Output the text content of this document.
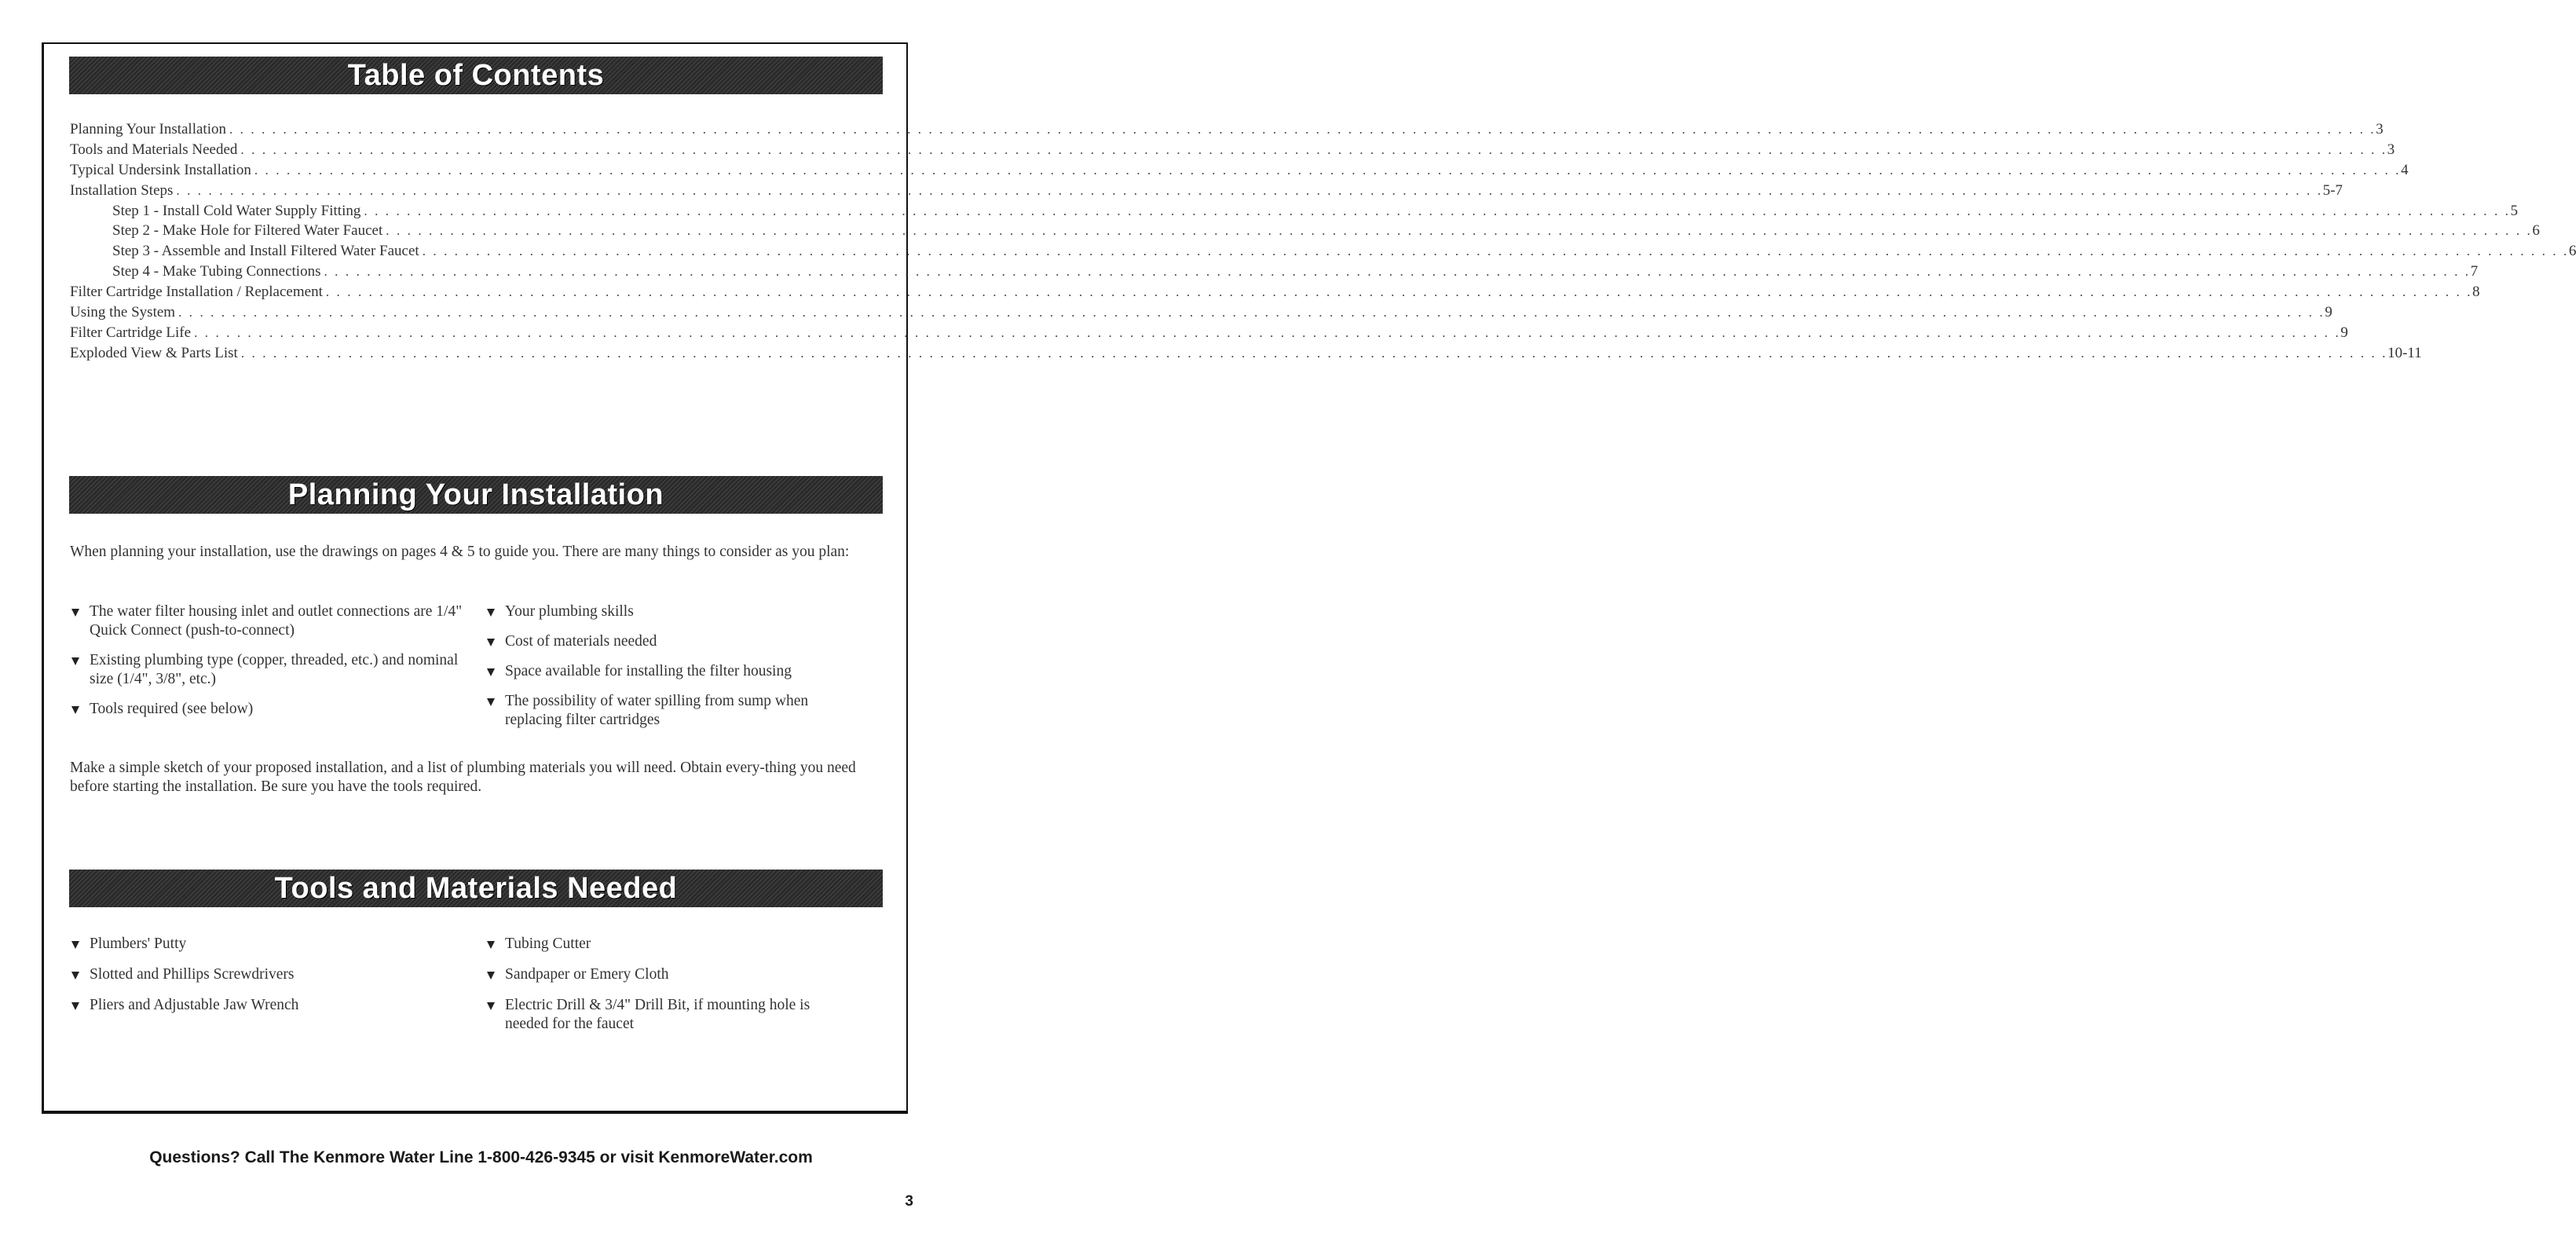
Table of Contents
Planning Your Installation . . . . . . . . . . . . . . . . . . . . . . . . . . . . . . . . . . . . . . . . . . . . . . . . . . . . . . . . . . . . . . . . . . . . . . . . . . . . . . . . . . . . . . . . . . . . . . . . . . . . . . . . . . . . . . . . . . . . . . . . . . . . . . . . . . . . . . . . . . . . . . . . . . . . . . . . . . . . . . . . . . . . . . . . . . . . . . . . . . . . . . . . . . . . . . . . . . . . . . . . 3
Tools and Materials Needed . . . . . . . . . . . . . . . . . . . . . . . . . . . . . . . . . . . . . . . . . . . . . . . . . . . . . . . . . . . . . . . . . . . . . . . . . . . . . . . . . . . . . . . . . . . . . . . . . . . . . . . . . . . . . . . . . . . . . . . . . . . . . . . . . . . . . . . . . . . . . . . . . . . . . . . . . . . . . . . . . . . . . . . . . . . . . . . . . . . . . . . . . . . . . . . . . . . . . . . . 3
Typical Undersink Installation . . . . . . . . . . . . . . . . . . . . . . . . . . . . . . . . . . . . . . . . . . . . . . . . . . . . . . . . . . . . . . . . . . . . . . . . . . . . . . . . . . . . . . . . . . . . . . . . . . . . . . . . . . . . . . . . . . . . . . . . . . . . . . . . . . . . . . . . . . . . . . . . . . . . . . . . . . . . . . . . . . . . . . . . . . . . . . . . . . . . . . . . . . . . . . . . . . . . . . . . 4
Installation Steps . . . . . . . . . . . . . . . . . . . . . . . . . . . . . . . . . . . . . . . . . . . . . . . . . . . . . . . . . . . . . . . . . . . . . . . . . . . . . . . . . . . . . . . . . . . . . . . . . . . . . . . . . . . . . . . . . . . . . . . . . . . . . . . . . . . . . . . . . . . . . . . . . . . . . . . . . . . . . . . . . . . . . . . . . . . . . . . . . . . . . . . . . . . . . . . . . . . . . . . . 5-7
Step 1 - Install Cold Water Supply Fitting . . . . . . . . . . . . . . . . . . . . . . . . . . . . . . . . . . . . . . . . . . . . . . . . . . . . . . . . . . . . . . . . . . . . . . . . . . . . . . . . . . . . . . . . . . . . . . . . . . . . . . . . . . . . . . . . . . . . . . . . . . . . . . . . . . . . . . . . . . . . . . . . . . . . . . . . . . . . . . . . . . . . . . . . . . . . . . . . . . . . . . . . . . . . . . . . . . . . . . . . 5
Step 2 - Make Hole for Filtered Water Faucet . . . . . . . . . . . . . . . . . . . . . . . . . . . . . . . . . . . . . . . . . . . . . . . . . . . . . . . . . . . . . . . . . . . . . . . . . . . . . . . . . . . . . . . . . . . . . . . . . . . . . . . . . . . . . . . . . . . . . . . . . . . . . . . . . . . . . . . . . . . . . . . . . . . . . . . . . . . . . . . . . . . . . . . . . . . . . . . . . . . . . . . . . . . . . . . . . . . . . . . . 6
Step 3 - Assemble and Install Filtered Water Faucet . . . . . . . . . . . . . . . . . . . . . . . . . . . . . . . . . . . . . . . . . . . . . . . . . . . . . . . . . . . . . . . . . . . . . . . . . . . . . . . . . . . . . . . . . . . . . . . . . . . . . . . . . . . . . . . . . . . . . . . . . . . . . . . . . . . . . . . . . . . . . . . . . . . . . . . . . . . . . . . . . . . . . . . . . . . . . . . . . . . . . . . . . . . . . . . . . . . . . . . . 6
Step 4 - Make Tubing Connections . . . . . . . . . . . . . . . . . . . . . . . . . . . . . . . . . . . . . . . . . . . . . . . . . . . . . . . . . . . . . . . . . . . . . . . . . . . . . . . . . . . . . . . . . . . . . . . . . . . . . . . . . . . . . . . . . . . . . . . . . . . . . . . . . . . . . . . . . . . . . . . . . . . . . . . . . . . . . . . . . . . . . . . . . . . . . . . . . . . . . . . . . . . . . . . . . . . . . . . . 7
Filter Cartridge Installation / Replacement . . . . . . . . . . . . . . . . . . . . . . . . . . . . . . . . . . . . . . . . . . . . . . . . . . . . . . . . . . . . . . . . . . . . . . . . . . . . . . . . . . . . . . . . . . . . . . . . . . . . . . . . . . . . . . . . . . . . . . . . . . . . . . . . . . . . . . . . . . . . . . . . . . . . . . . . . . . . . . . . . . . . . . . . . . . . . . . . . . . . . . . . . . . . . . . . . . . . . . . . 8
Using the System . . . . . . . . . . . . . . . . . . . . . . . . . . . . . . . . . . . . . . . . . . . . . . . . . . . . . . . . . . . . . . . . . . . . . . . . . . . . . . . . . . . . . . . . . . . . . . . . . . . . . . . . . . . . . . . . . . . . . . . . . . . . . . . . . . . . . . . . . . . . . . . . . . . . . . . . . . . . . . . . . . . . . . . . . . . . . . . . . . . . . . . . . . . . . . . . . . . . . . . . 9
Filter Cartridge Life . . . . . . . . . . . . . . . . . . . . . . . . . . . . . . . . . . . . . . . . . . . . . . . . . . . . . . . . . . . . . . . . . . . . . . . . . . . . . . . . . . . . . . . . . . . . . . . . . . . . . . . . . . . . . . . . . . . . . . . . . . . . . . . . . . . . . . . . . . . . . . . . . . . . . . . . . . . . . . . . . . . . . . . . . . . . . . . . . . . . . . . . . . . . . . . . . . . . . . . . 9
Exploded View & Parts List . . . . . . . . . . . . . . . . . . . . . . . . . . . . . . . . . . . . . . . . . . . . . . . . . . . . . . . . . . . . . . . . . . . . . . . . . . . . . . . . . . . . . . . . . . . . . . . . . . . . . . . . . . . . . . . . . . . . . . . . . . . . . . . . . . . . . . . . . . . . . . . . . . . . . . . . . . . . . . . . . . . . . . . . . . . . . . . . . . . . . . . . . . . . . . . . . . . . . . . . 10-11
Planning Your Installation
When planning your installation, use the drawings on pages 4 & 5 to guide you. There are many things to consider as you plan:
The water filter housing inlet and outlet connections are 1/4" Quick Connect (push-to-connect)
Existing plumbing type (copper, threaded, etc.) and nominal size (1/4", 3/8", etc.)
Tools required (see below)
Your plumbing skills
Cost of materials needed
Space available for installing the filter housing
The possibility of water spilling from sump when replacing filter cartridges
Make a simple sketch of your proposed installation, and a list of plumbing materials you will need. Obtain every-thing you need before starting the installation. Be sure you have the tools required.
Tools and Materials Needed
Plumbers' Putty
Slotted and Phillips Screwdrivers
Pliers and Adjustable Jaw Wrench
Tubing Cutter
Sandpaper or Emery Cloth
Electric Drill & 3/4" Drill Bit, if mounting hole is needed for the faucet
Questions? Call The Kenmore Water Line 1-800-426-9345 or visit KenmoreWater.com
3
